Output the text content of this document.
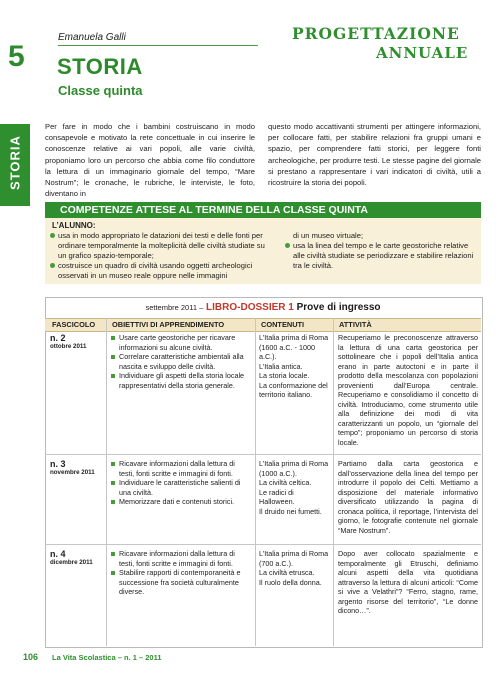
Emanuela Galli
5 STORIA
Classe quinta
PROGETTAZIONE
ANNUALE
STORIA
Per fare in modo che i bambini costruiscano in modo consapevole e motivato la rete concettuale in cui inserire le conoscenze relative ai vari popoli, alle varie civiltà, proponiamo loro un percorso che abbia come filo conduttore la lettura di un immaginario giornale del tempo, “Mare Nostrum”; le cronache, le rubriche, le interviste, le foto, diventano in
questo modo accattivanti strumenti per attingere informazioni, per collocare fatti, per stabilire relazioni fra gruppi umani e spazio, per comprendere fatti storici, per leggere fonti archeologiche, per produrre testi. Le stesse pagine del giornale si prestano a rappresentare i vari indicatori di civiltà, utili a ricostruire la storia dei popoli.
COMPETENZE ATTESE AL TERMINE DELLA CLASSE QUINTA
L’ALUNNO:
usa in modo appropriato le datazioni dei testi e delle fonti per ordinare temporalmente la molteplicità delle civiltà studiate su un grafico spazio-temporale;
costruisce un quadro di civiltà usando oggetti archeologici osservati in un museo reale oppure nelle immagini
di un museo virtuale;
usa la linea del tempo e le carte geostoriche relative alle civiltà studiate se periodizzare e stabilire relazioni tra le civiltà.
settembre 2011 – LIBRO-DOSSIER 1 Prove di ingresso
FASCICOLO OBIETTIVI DI APPRENDIMENTO	CONTENUTI	ATTIVITÀ
n. 2
ottobre 2011
Usare carte geostoriche per ricavare informazioni su alcune civiltà.
Correlare caratteristiche ambientali alla nascita e sviluppo delle civiltà.
Individuare gli aspetti della storia locale rappresentativi della storia generale.
L’Italia prima di Roma (1600 a.C. - 1000 a.C.).
L’Italia antica.
La storia locale.
La conformazione del territorio italiano.
Recuperiamo le preconoscenze attraverso la lettura di una carta geostorica per sottolineare che i popoli dell’Italia antica erano in parte autoctoni e in parte il prodotto della mescolanza con popolazioni provenienti dall’Europa centrale. Recuperiamo e consolidiamo il concetto di civiltà. Introduciamo, come strumento utile alla definizione dei modi di vita caratterizzanti un popolo, un “giornale del tempo”; proponiamo un percorso di storia locale.
n. 3
novembre 2011
Ricavare informazioni dalla lettura di testi, fonti scritte e immagini di fonti.
Individuare le caratteristiche salienti di una civiltà.
Memorizzare dati e contenuti storici.
L’Italia prima di Roma (1000 a.C.).
La civiltà celtica.
Le radici di Halloween.
Il druido nei fumetti.
Partiamo dalla carta geostorica e dall’osservazione della linea del tempo per introdurre il popolo dei Celti. Mettiamo a disposizione del materiale informativo diversificato utilizzando la pagina di cronaca politica, il reportage, l’intervista del giorno, le fotografie contenute nel giornale “Mare Nostrum”.
n. 4
dicembre 2011
Ricavare informazioni dalla lettura di testi, fonti scritte e immagini di fonti.
Stabilire rapporti di contemporaneità e successione fra società culturalmente diverse.
L’Italia prima di Roma (700 a.C.).
La civiltà etrusca.
Il ruolo della donna.
Dopo aver collocato spazialmente e temporalmente gli Etruschi, definiamo alcuni aspetti della vita quotidiana attraverso la lettura di alcuni articoli: “Come si vive a Velathri”? “Ferro, stagno, rame, argento risorse del territorio”, “Le donne dicono…”.
106 La Vita Scolastica – n. 1 – 2011
